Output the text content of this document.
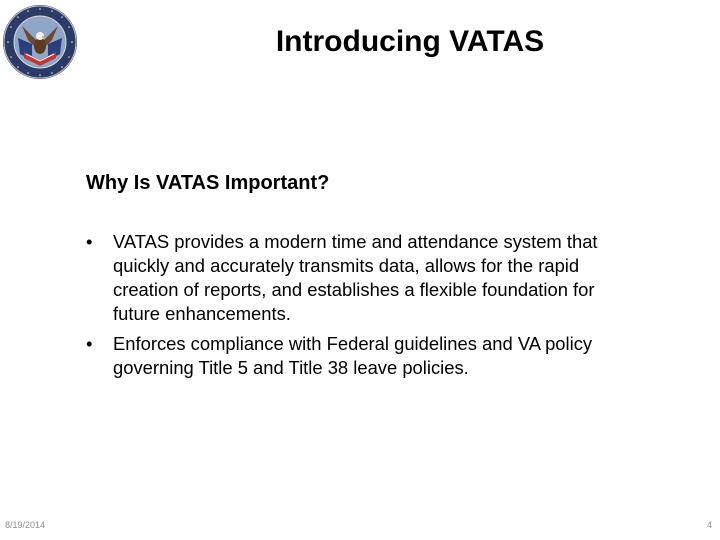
Introducing VATAS
Why Is VATAS Important?
• VATAS provides a modern time and attendance system that quickly and accurately transmits data, allows for the rapid creation of reports, and establishes a flexible foundation for future enhancements.
• Enforces compliance with Federal guidelines and VA policy governing Title 5 and Title 38 leave policies.
8/19/2014	4
